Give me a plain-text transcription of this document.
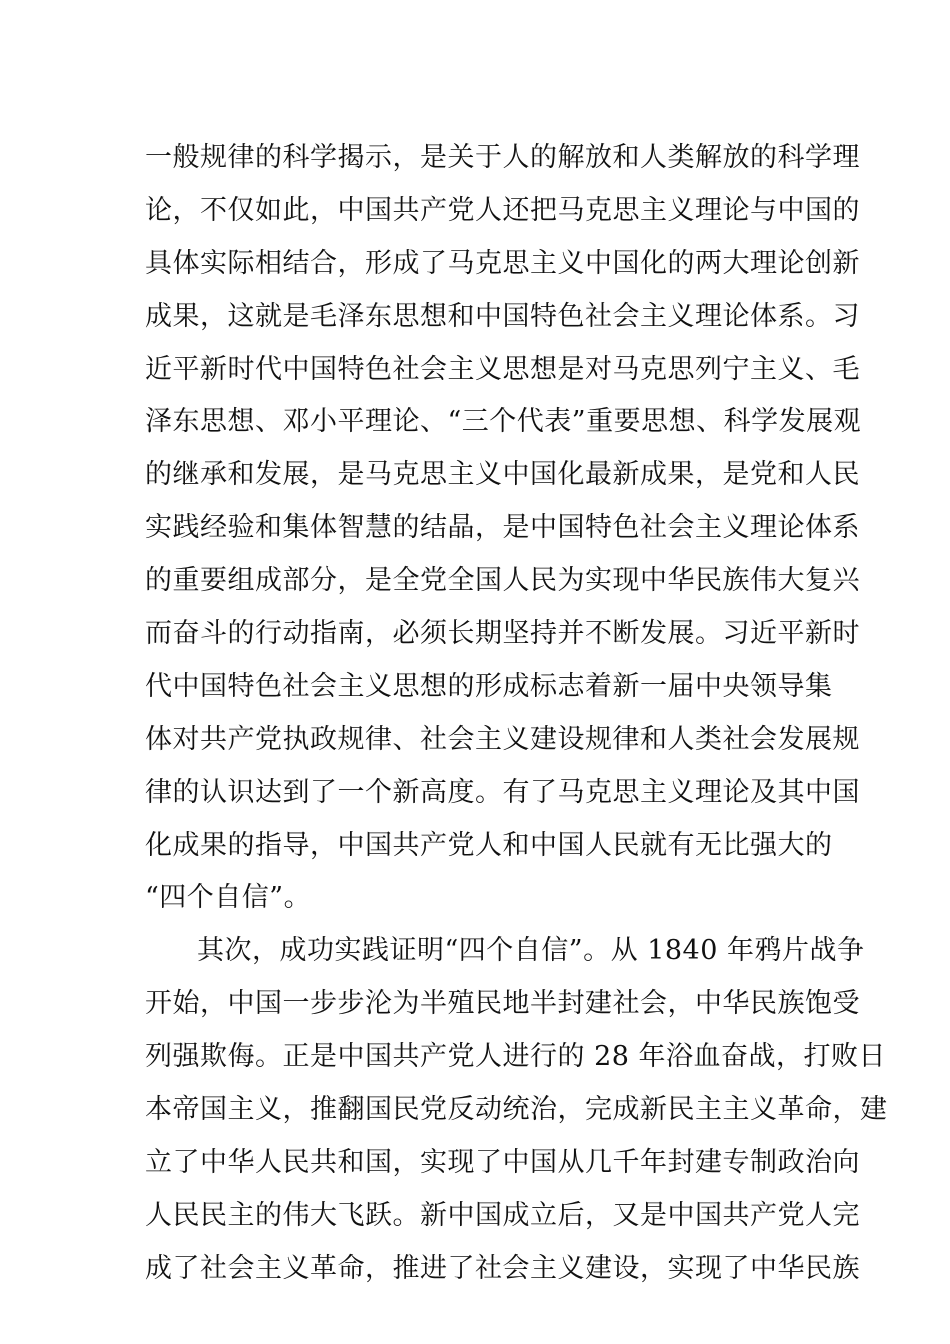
一般规律的科学揭示，是关于人的解放和人类解放的科学理
论，不仅如此，中国共产党人还把马克思主义理论与中国的
具体实际相结合，形成了马克思主义中国化的两大理论创新
成果，这就是毛泽东思想和中国特色社会主义理论体系。习
近平新时代中国特色社会主义思想是对马克思列宁主义、毛
泽东思想、邓小平理论、“三个代表”重要思想、科学发展观
的继承和发展，是马克思主义中国化最新成果，是党和人民
实践经验和集体智慧的结晶，是中国特色社会主义理论体系
的重要组成部分，是全党全国人民为实现中华民族伟大复兴
而奋斗的行动指南，必须长期坚持并不断发展。习近平新时
代中国特色社会主义思想的形成标志着新一届中央领导集
体对共产党执政规律、社会主义建设规律和人类社会发展规
律的认识达到了一个新高度。有了马克思主义理论及其中国
化成果的指导，中国共产党人和中国人民就有无比强大的
“四个自信”。
其次，成功实践证明“四个自信”。从 1840 年鸦片战争
开始，中国一步步沦为半殖民地半封建社会，中华民族饱受
列强欺侮。正是中国共产党人进行的 28 年浴血奋战，打败日
本帝国主义，推翻国民党反动统治，完成新民主主义革命，建
立了中华人民共和国，实现了中国从几千年封建专制政治向
人民民主的伟大飞跃。新中国成立后，又是中国共产党人完
成了社会主义革命，推进了社会主义建设，实现了中华民族
